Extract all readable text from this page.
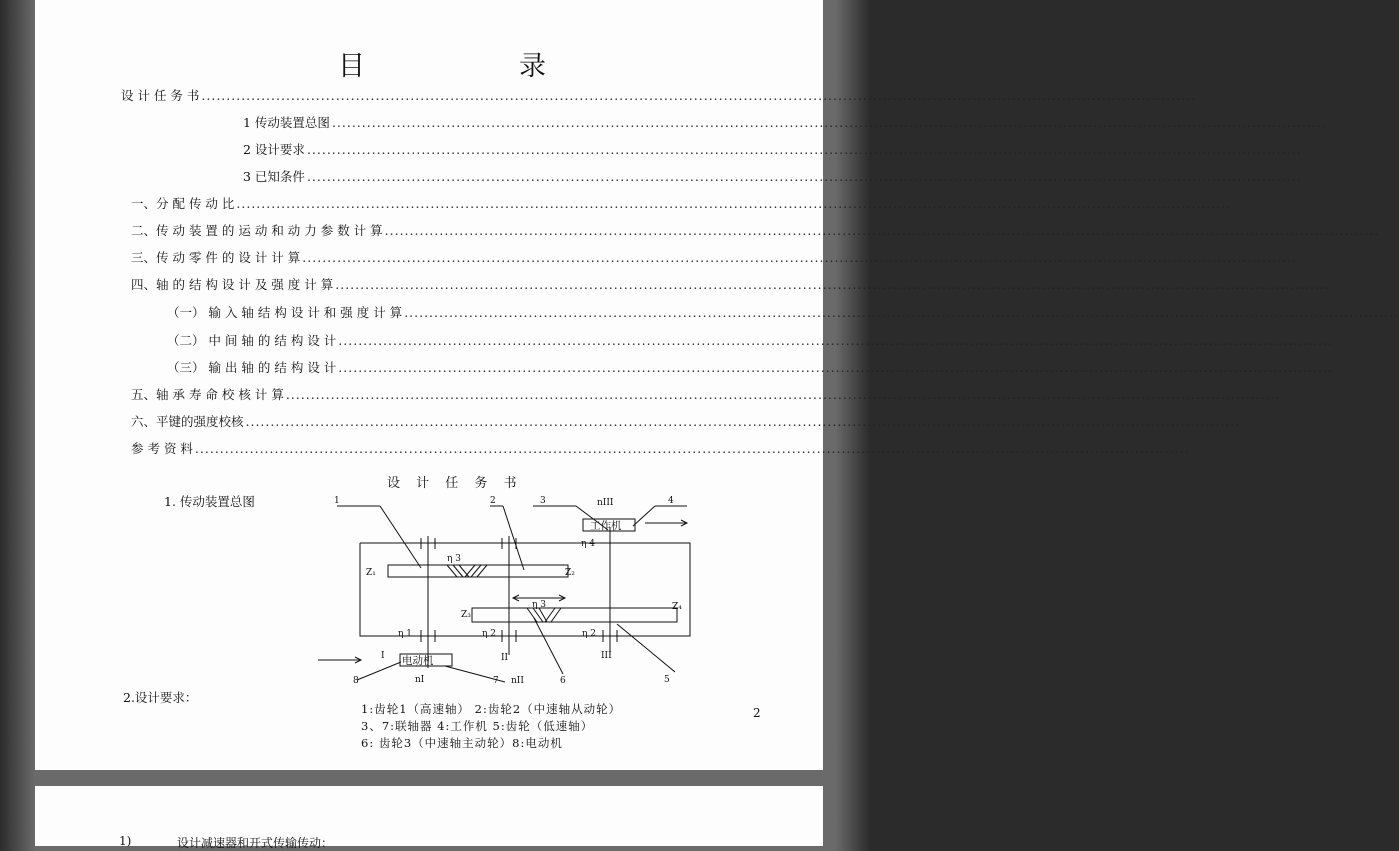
目	录
设 计 任 务 书 ........................................................................................................................................................................................................
1 传动装置总图 ........................................................................................................................................................................................................
2 设计要求 ........................................................................................................................................................................................................
3 已知条件 ........................................................................................................................................................................................................
一、分 配 传 动 比 ........................................................................................................................................................................................................
二、传 动 装 置 的 运 动 和 动 力 参 数 计 算 ........................................................................................................................................................................................................
三、传 动 零 件 的 设 计 计 算 ........................................................................................................................................................................................................
四、轴 的 结 构 设 计 及 强 度 计 算 ........................................................................................................................................................................................................
（一） 输 入 轴 结 构 设 计 和 强 度 计 算 ........................................................................................................................................................................................................
（二） 中 间 轴 的 结 构 设 计 ........................................................................................................................................................................................................
（三） 输 出 轴 的 结 构 设 计 ........................................................................................................................................................................................................
五、轴 承 寿 命 校 核 计 算 ........................................................................................................................................................................................................
六、平键的强度校核 ........................................................................................................................................................................................................
参 考 资 料 ........................................................................................................................................................................................................
设 计 任 务 书
1. 传动装置总图
2.设计要求：
2
1	2	3	4
5
6
7
8
nIII
nI	nII
I	II	III
Z₁	Z₂
Z₃
Z₄
η 1	η 2
η 3
η 4
η 2
η 3
工作机
电动机
1:齿轮1（高速轴） 2:齿轮2（中速轴从动轮）
3、7:联轴器 4:工作机 5:齿轮（低速轴）
6: 齿轮3（中速轴主动轮）8:电动机
1)	设计减速器和开式传输传动：
